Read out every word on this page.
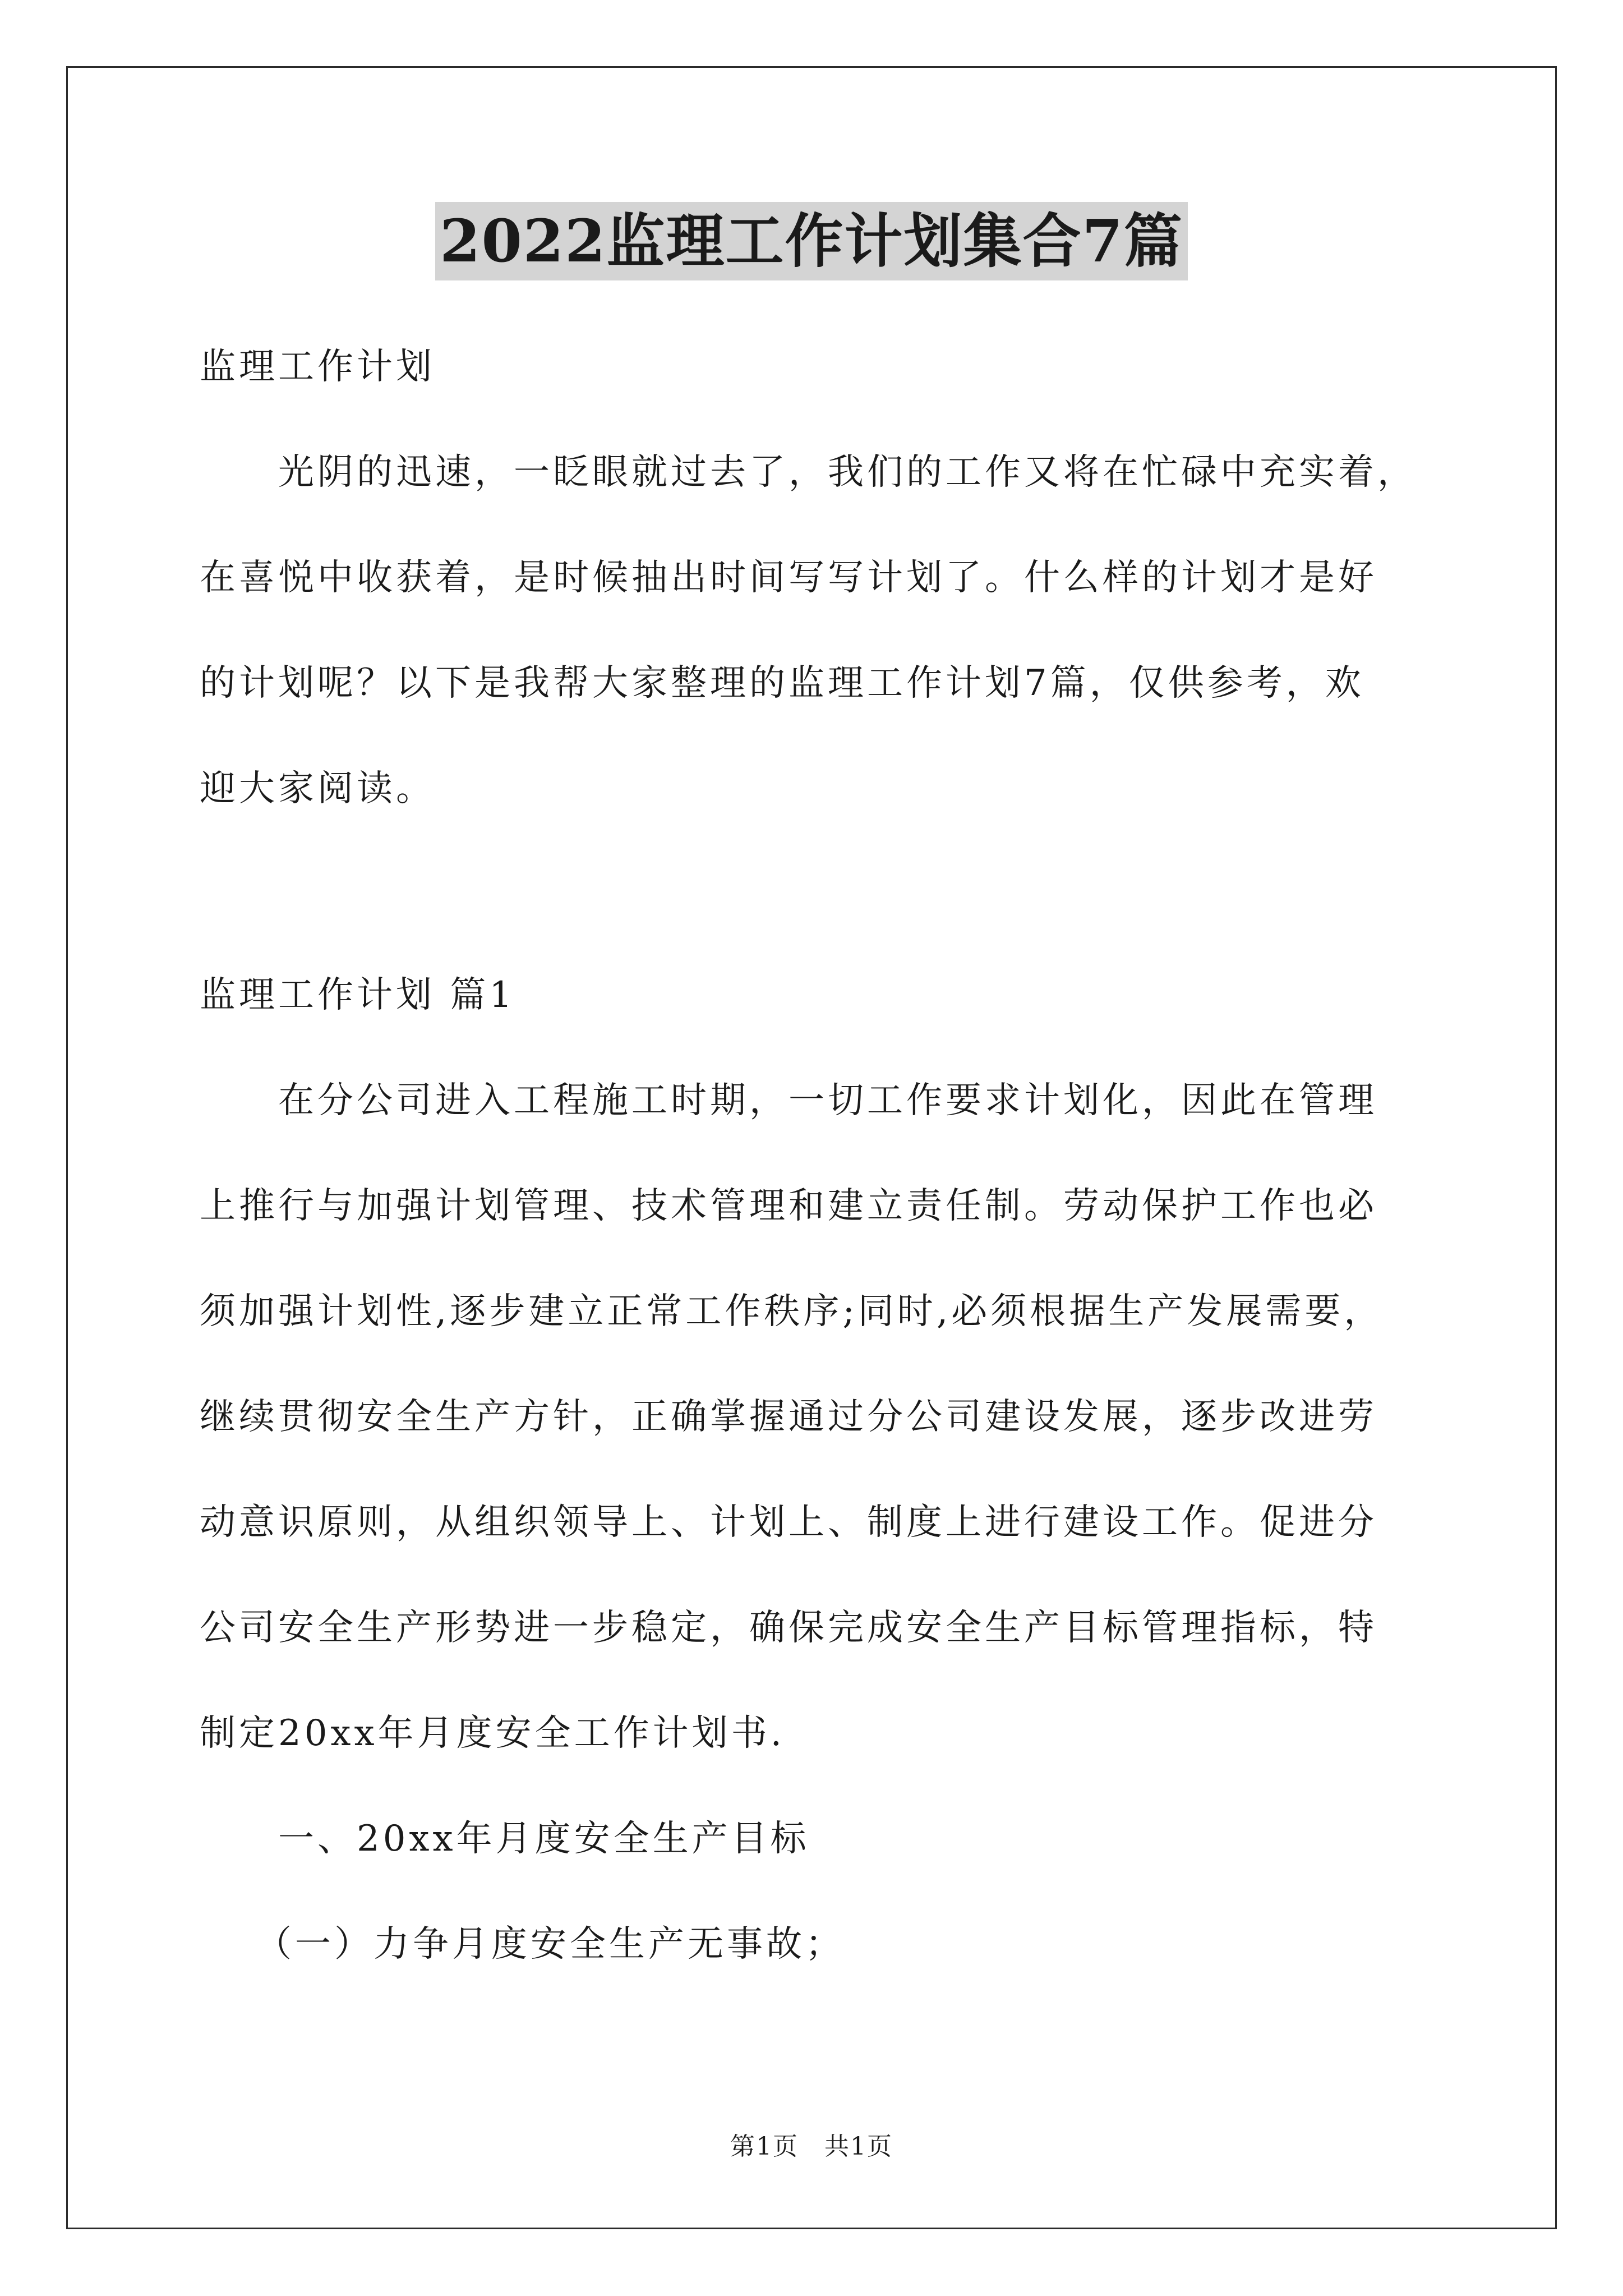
2022监理工作计划集合7篇
监理工作计划
光阴的迅速，一眨眼就过去了，我们的工作又将在忙碌中充实着，
在喜悦中收获着，是时候抽出时间写写计划了。什么样的计划才是好
的计划呢？以下是我帮大家整理的监理工作计划7篇，仅供参考，欢
迎大家阅读。
监理工作计划 篇1
在分公司进入工程施工时期，一切工作要求计划化，因此在管理
上推行与加强计划管理、技术管理和建立责任制。劳动保护工作也必
须加强计划性,逐步建立正常工作秩序;同时,必须根据生产发展需要，
继续贯彻安全生产方针，正确掌握通过分公司建设发展，逐步改进劳
动意识原则，从组织领导上、计划上、制度上进行建设工作。促进分
公司安全生产形势进一步稳定，确保完成安全生产目标管理指标，特
制定20xx年月度安全工作计划书.
一、20xx年月度安全生产目标
（一）力争月度安全生产无事故；
第1页　共1页
